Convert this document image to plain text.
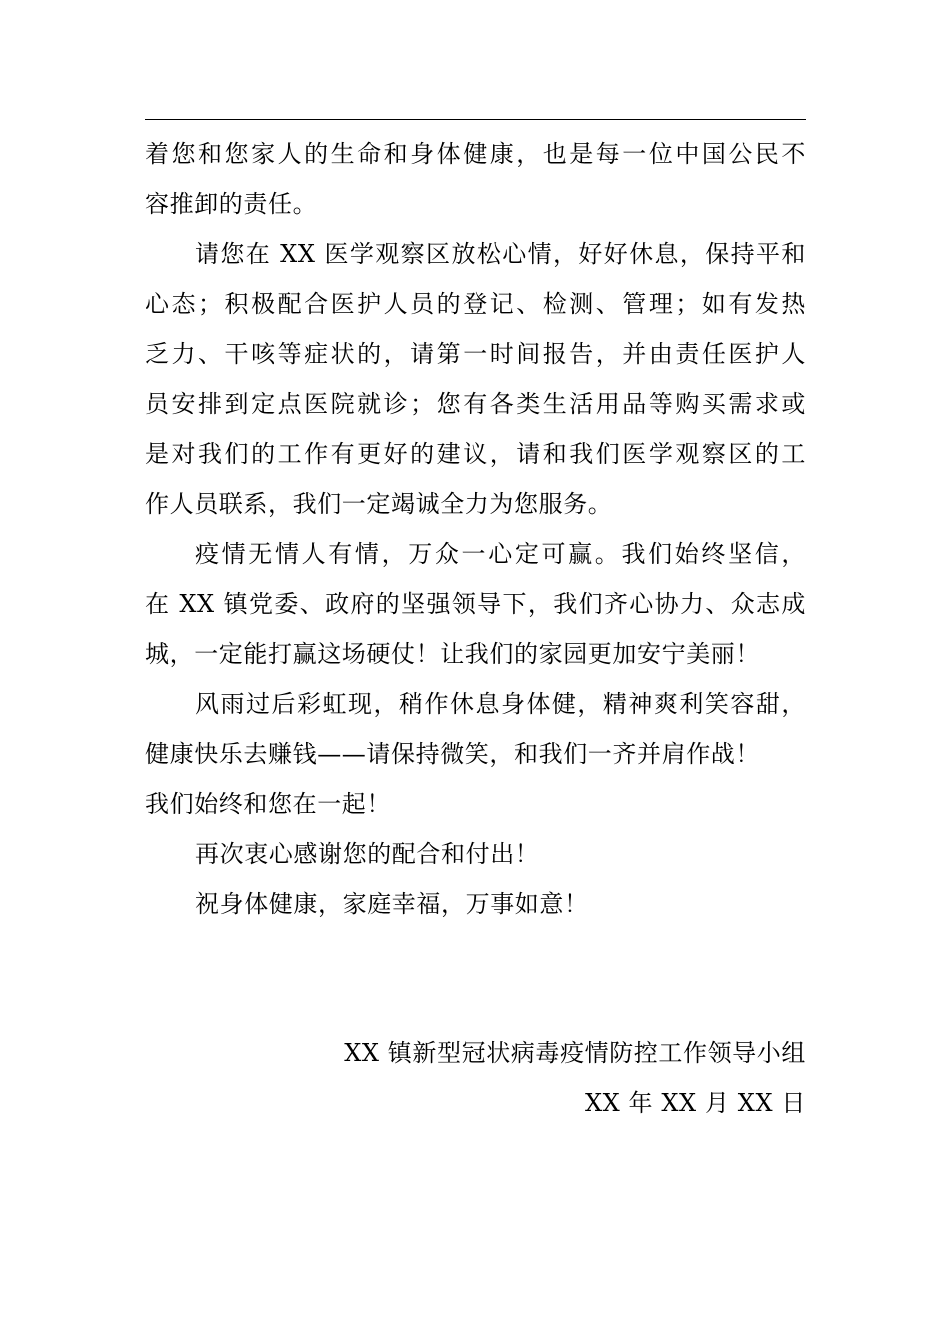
着您和您家人的生命和身体健康，也是每一位中国公民不
容推卸的责任。
请您在 XX 医学观察区放松心情，好好休息，保持平和
心态；积极配合医护人员的登记、检测、管理；如有发热
乏力、干咳等症状的，请第一时间报告，并由责任医护人
员安排到定点医院就诊；您有各类生活用品等购买需求或
是对我们的工作有更好的建议，请和我们医学观察区的工
作人员联系，我们一定竭诚全力为您服务。
疫情无情人有情，万众一心定可赢。我们始终坚信，
在 XX 镇党委、政府的坚强领导下，我们齐心协力、众志成
城，一定能打赢这场硬仗！让我们的家园更加安宁美丽！
风雨过后彩虹现，稍作休息身体健，精神爽利笑容甜，
健康快乐去赚钱——请保持微笑，和我们一齐并肩作战！
我们始终和您在一起！
再次衷心感谢您的配合和付出！
祝身体健康，家庭幸福，万事如意！
XX 镇新型冠状病毒疫情防控工作领导小组
XX 年 XX 月 XX 日
